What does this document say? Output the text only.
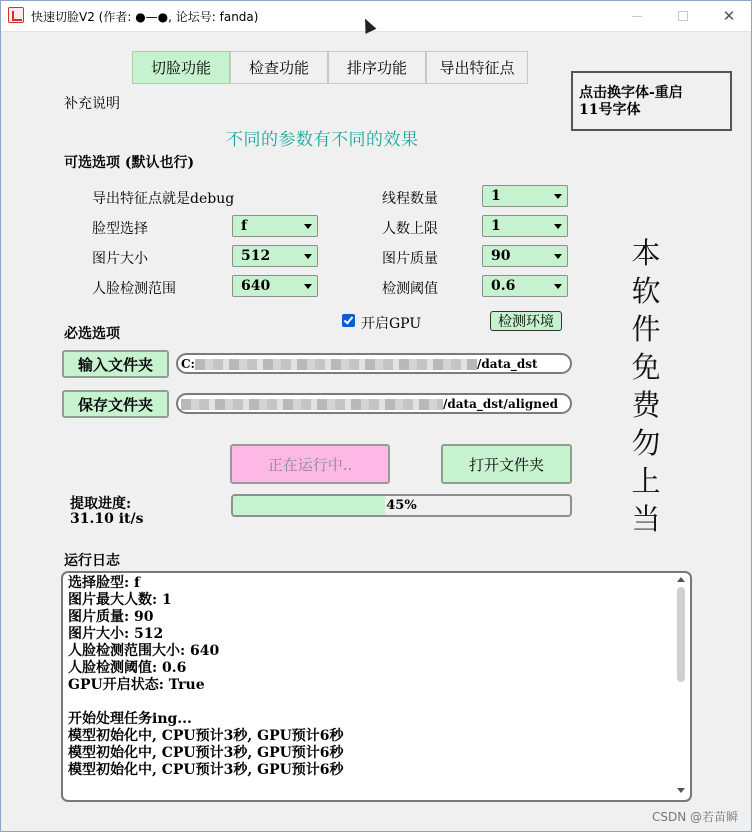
快速切脸V2 (作者: ●—●, 论坛号: fanda)	✕
切脸功能	检查功能	排序功能	导出特征点
点击换字体-重启
11号字体
补充说明
不同的参数有不同的效果
可选选项 (默认也行)
导出特征点就是debug
脸型选择	f
图片大小	512
人脸检测范围	640
线程数量	1
人数上限	1
图片质量	90
检测阈值	0.6
必选选项
开启GPU	检测环境
输入文件夹	C:	/data_dst
保存文件夹	/data_dst/aligned
正在运行中..	打开文件夹
提取进度:
31.10 it/s
45%
本
软
件
免
费
勿
上
当
运行日志
选择脸型: f
图片最大人数: 1
图片质量: 90
图片大小: 512
人脸检测范围大小: 640
人脸检测阈值: 0.6
GPU开启状态: True
开始处理任务ing...
模型初始化中, CPU预计3秒, GPU预计6秒
模型初始化中, CPU预计3秒, GPU预计6秒
模型初始化中, CPU预计3秒, GPU预计6秒
CSDN @若苗瞬
